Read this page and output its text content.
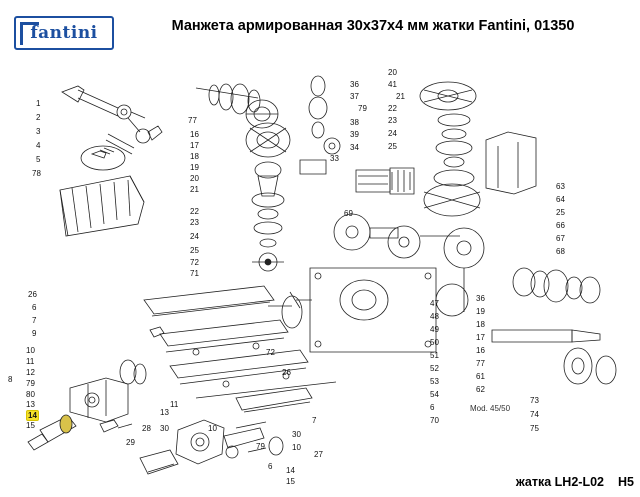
fantini	Манжета армированная 30x37x4 мм жатки Fantini, 01350
Mod. 45/50
1
2
3
4
5
78
77
16
17
18
19
20
21
22
23
24
25
72
71
36
37
79
38
39
34
33
69
20
41
21
22
23
24
25
63
64
25
66
67
68
47
48
49
50
51
52
53
54
6
70
36
19
18
17
16
77
61
62
73
74
75
26
6
7
9
10
11
12
8 79
80
13
14
15	28
29
30
13
11
10
79
30
10
27
6 14
15
7
72
26
жатка LH2-L02 H5
